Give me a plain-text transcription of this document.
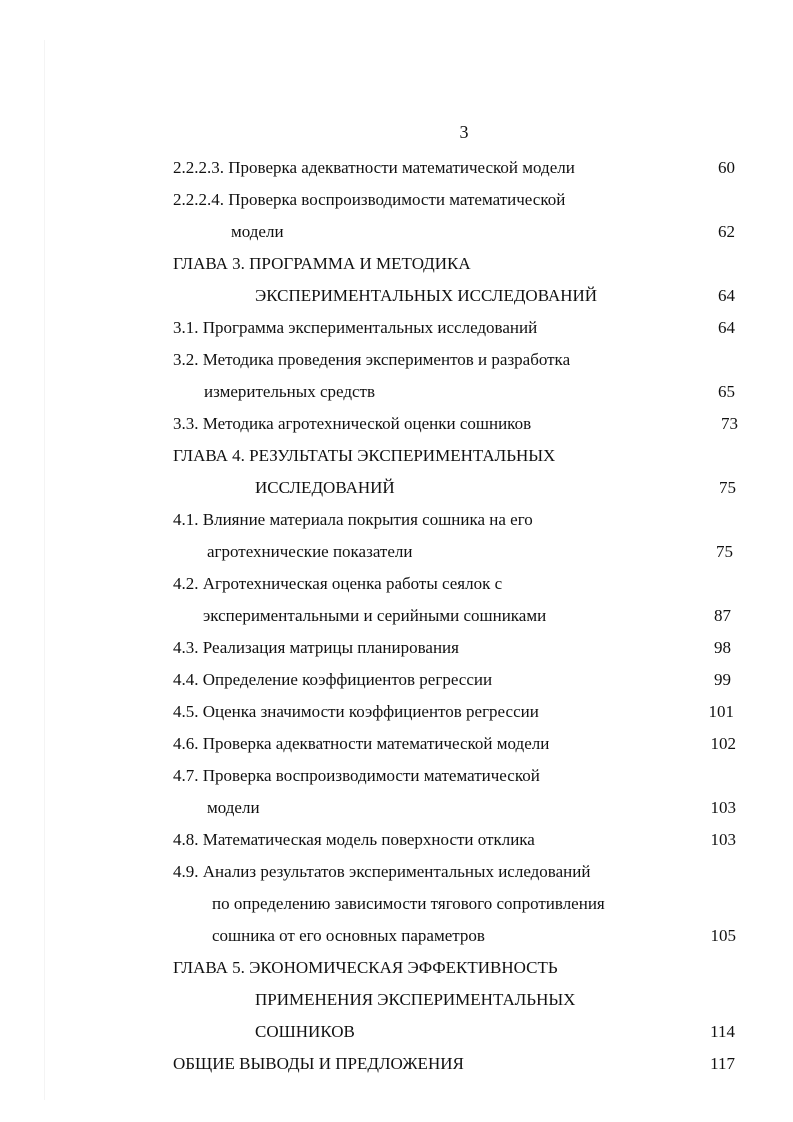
3
2.2.2.3. Проверка адекватности математической модели	60
2.2.2.4. Проверка воспроизводимости математической
модели	62
ГЛАВА 3. ПРОГРАММА И МЕТОДИКА
ЭКСПЕРИМЕНТАЛЬНЫХ ИССЛЕДОВАНИЙ	64
3.1. Программа экспериментальных исследований	64
3.2. Методика проведения экспериментов и разработка
измерительных средств	65
3.3. Методика агротехнической оценки сошников	73
ГЛАВА 4. РЕЗУЛЬТАТЫ ЭКСПЕРИМЕНТАЛЬНЫХ
ИССЛЕДОВАНИЙ	75
4.1. Влияние материала покрытия сошника на его
агротехнические показатели	75
4.2. Агротехническая оценка работы сеялок с
экспериментальными и серийными сошниками	87
4.3. Реализация матрицы планирования	98
4.4. Определение коэффициентов регрессии	99
4.5. Оценка значимости коэффициентов регрессии	101
4.6. Проверка адекватности математической модели	102
4.7. Проверка воспроизводимости математической
модели	103
4.8. Математическая модель поверхности отклика	103
4.9. Анализ результатов экспериментальных иследований
по определению зависимости тягового сопротивления
сошника от его основных параметров	105
ГЛАВА 5. ЭКОНОМИЧЕСКАЯ ЭФФЕКТИВНОСТЬ
ПРИМЕНЕНИЯ ЭКСПЕРИМЕНТАЛЬНЫХ
СОШНИКОВ	114
ОБЩИЕ ВЫВОДЫ И ПРЕДЛОЖЕНИЯ	117
